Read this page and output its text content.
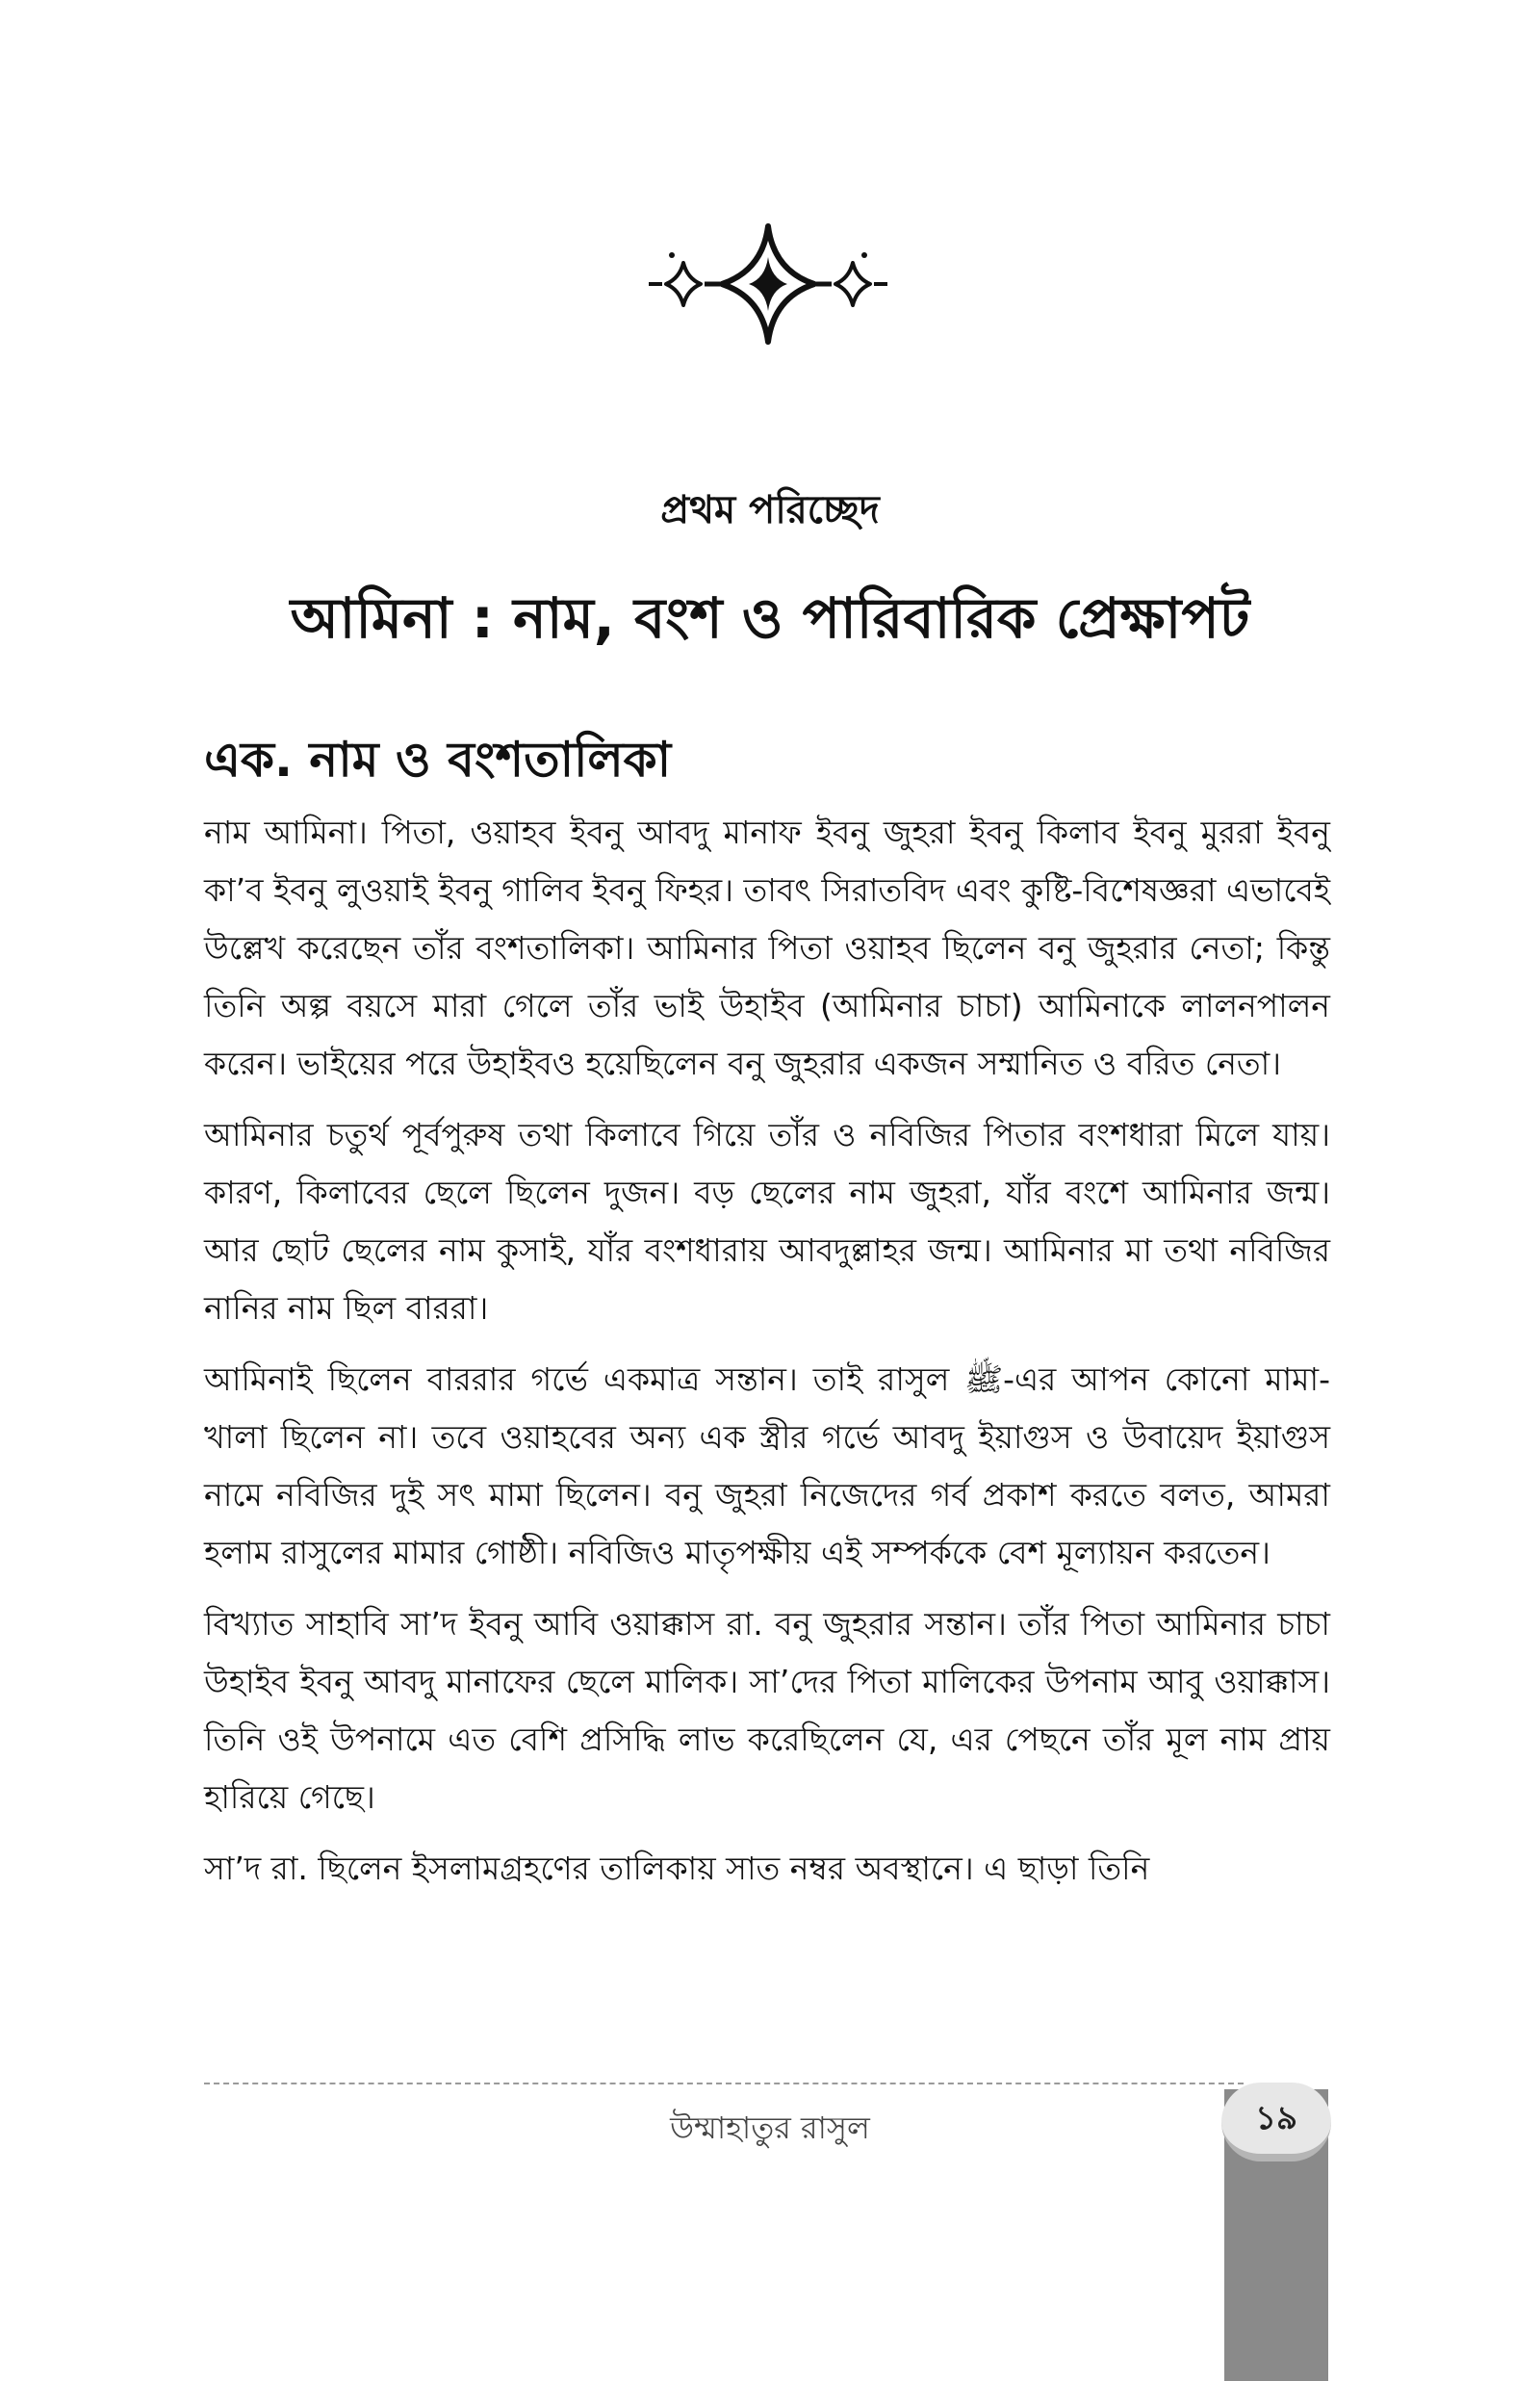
প্রথম পরিচ্ছেদ
আমিনা : নাম, বংশ ও পারিবারিক প্রেক্ষাপট
এক. নাম ও বংশতালিকা

নাম আমিনা। পিতা, ওয়াহব ইবনু আবদু মানাফ ইবনু জুহরা ইবনু কিলাব ইবনু মুররা ইবনু কা’ব ইবনু লুওয়াই ইবনু গালিব ইবনু ফিহর। তাবৎ সিরাতবিদ এবং কুষ্টি-বিশেষজ্ঞরা এভাবেই উল্লেখ করেছেন তাঁর বংশতালিকা। আমিনার পিতা ওয়াহব ছিলেন বনু জুহরার নেতা; কিন্তু তিনি অল্প বয়সে মারা গেলে তাঁর ভাই উহাইব (আমিনার চাচা) আমিনাকে লালনপালন করেন। ভাইয়ের পরে উহাইবও হয়েছিলেন বনু জুহরার একজন সম্মানিত ও বরিত নেতা।

আমিনার চতুর্থ পূর্বপুরুষ তথা কিলাবে গিয়ে তাঁর ও নবিজির পিতার বংশধারা মিলে যায়। কারণ, কিলাবের ছেলে ছিলেন দুজন। বড় ছেলের নাম জুহরা, যাঁর বংশে আমিনার জন্ম। আর ছোট ছেলের নাম কুসাই, যাঁর বংশধারায় আবদুল্লাহর জন্ম। আমিনার মা তথা নবিজির নানির নাম ছিল বাররা।

আমিনাই ছিলেন বাররার গর্ভে একমাত্র সন্তান। তাই রাসুল ﷺ-এর আপন কোনো মামা-খালা ছিলেন না। তবে ওয়াহবের অন্য এক স্ত্রীর গর্ভে আবদু ইয়াগুস ও উবায়েদ ইয়াগুস নামে নবিজির দুই সৎ মামা ছিলেন। বনু জুহরা নিজেদের গর্ব প্রকাশ করতে বলত, আমরা হলাম রাসুলের মামার গোষ্ঠী। নবিজিও মাতৃপক্ষীয় এই সম্পর্ককে বেশ মূল্যায়ন করতেন।

বিখ্যাত সাহাবি সা’দ ইবনু আবি ওয়াক্কাস রা. বনু জুহরার সন্তান। তাঁর পিতা আমিনার চাচা উহাইব ইবনু আবদু মানাফের ছেলে মালিক। সা’দের পিতা মালিকের উপনাম আবু ওয়াক্কাস। তিনি ওই উপনামে এত বেশি প্রসিদ্ধি লাভ করেছিলেন যে, এর পেছনে তাঁর মূল নাম প্রায় হারিয়ে গেছে।

সা’দ রা. ছিলেন ইসলামগ্রহণের তালিকায় সাত নম্বর অবস্থানে। এ ছাড়া তিনি

উম্মাহাতুর রাসুল	১৯
